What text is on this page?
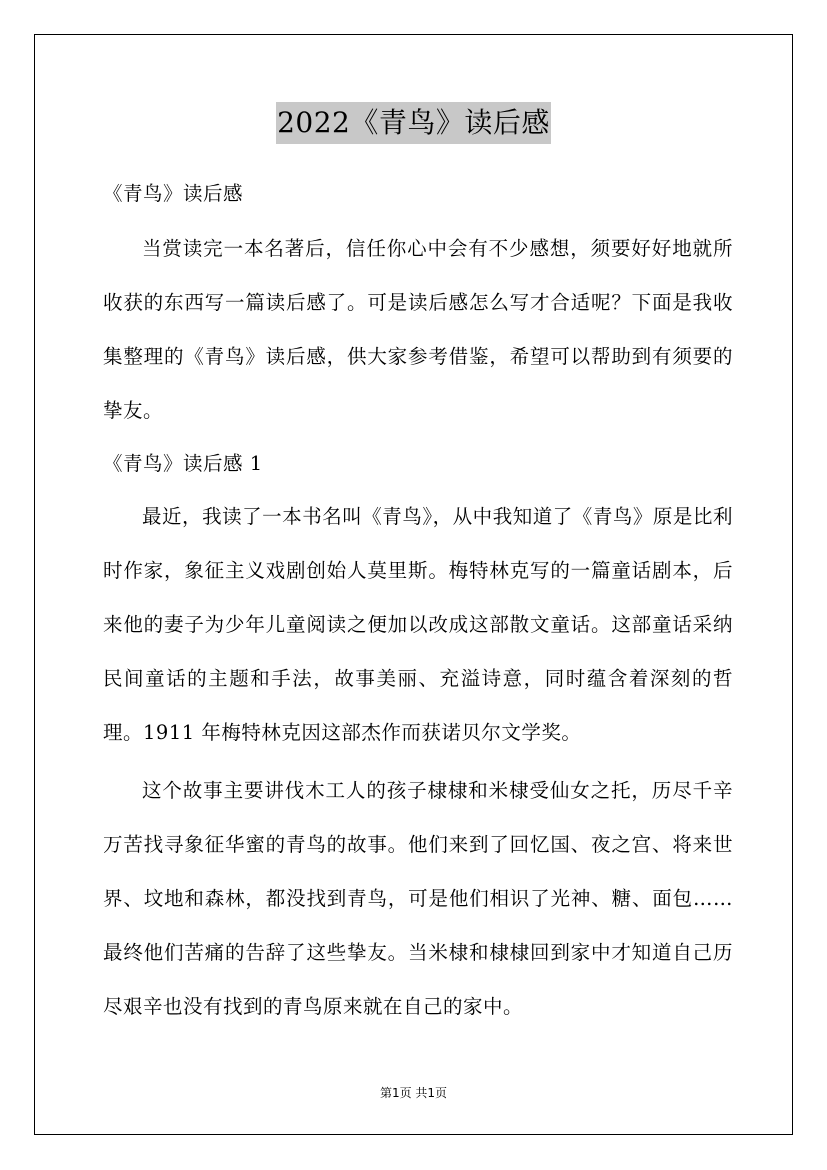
2022《青鸟》读后感
《青鸟》读后感

当赏读完一本名著后，信任你心中会有不少感想，须要好好地就所收获的东西写一篇读后感了。可是读后感怎么写才合适呢？下面是我收集整理的《青鸟》读后感，供大家参考借鉴，希望可以帮助到有须要的挚友。

《青鸟》读后感 1

最近，我读了一本书名叫《青鸟》，从中我知道了《青鸟》原是比利时作家，象征主义戏剧创始人莫里斯。梅特林克写的一篇童话剧本，后来他的妻子为少年儿童阅读之便加以改成这部散文童话。这部童话采纳民间童话的主题和手法，故事美丽、充溢诗意，同时蕴含着深刻的哲理。1911 年梅特林克因这部杰作而获诺贝尔文学奖。

这个故事主要讲伐木工人的孩子棣棣和米棣受仙女之托，历尽千辛万苦找寻象征华蜜的青鸟的故事。他们来到了回忆国、夜之宫、将来世界、坟地和森林，都没找到青鸟，可是他们相识了光神、糖、面包……最终他们苦痛的告辞了这些挚友。当米棣和棣棣回到家中才知道自己历尽艰辛也没有找到的青鸟原来就在自己的家中。

第1页 共1页
